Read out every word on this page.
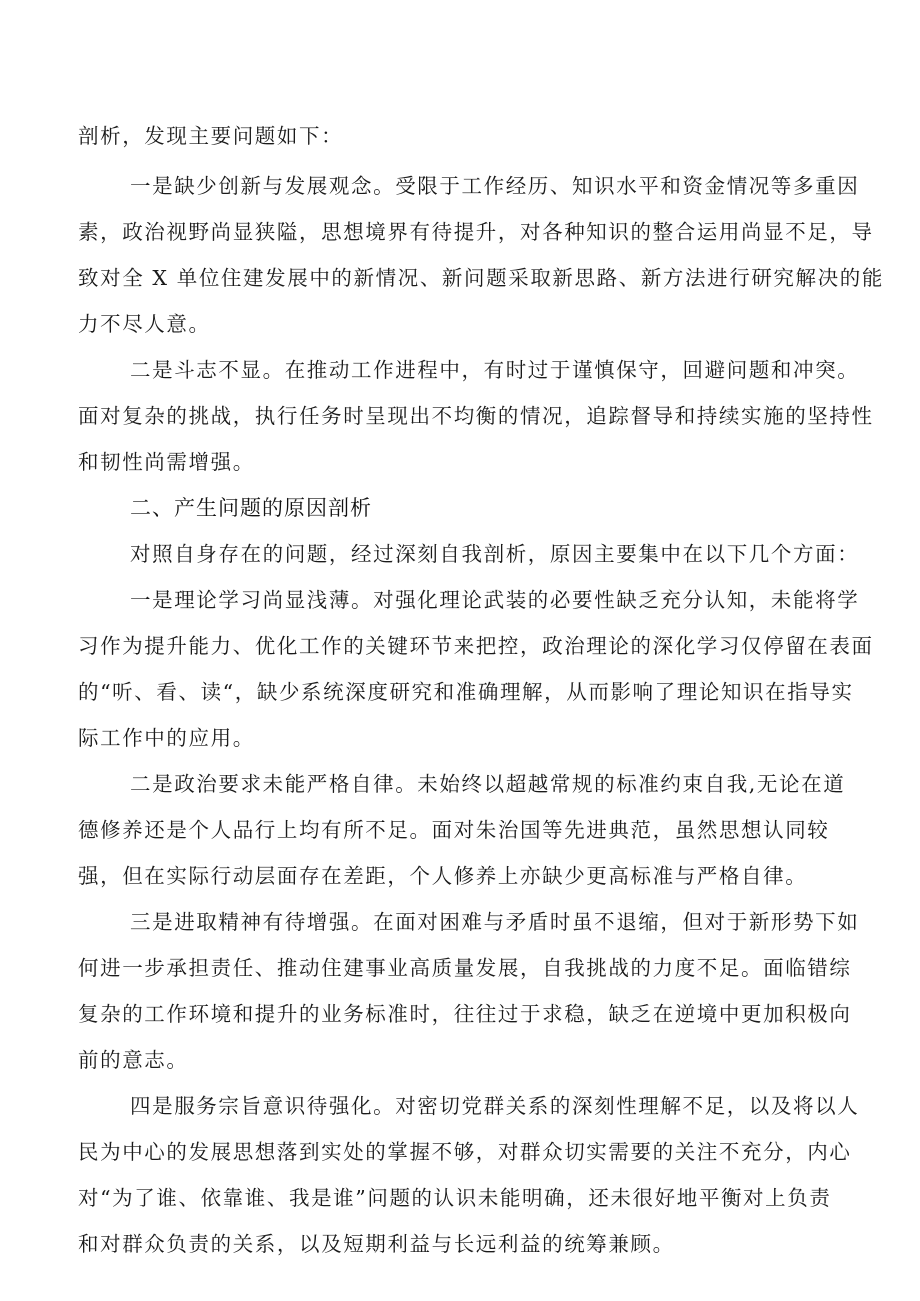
剖析，发现主要问题如下：
一是缺少创新与发展观念。受限于工作经历、知识水平和资金情况等多重因
素，政治视野尚显狭隘，思想境界有待提升，对各种知识的整合运用尚显不足，导
致对全 X 单位住建发展中的新情况、新问题采取新思路、新方法进行研究解决的能
力不尽人意。
二是斗志不显。在推动工作进程中，有时过于谨慎保守，回避问题和冲突。
面对复杂的挑战，执行任务时呈现出不均衡的情况，追踪督导和持续实施的坚持性
和韧性尚需增强。
二、产生问题的原因剖析
对照自身存在的问题，经过深刻自我剖析，原因主要集中在以下几个方面：
一是理论学习尚显浅薄。对强化理论武装的必要性缺乏充分认知，未能将学
习作为提升能力、优化工作的关键环节来把控，政治理论的深化学习仅停留在表面
的“听、看、读“，缺少系统深度研究和准确理解，从而影响了理论知识在指导实
际工作中的应用。
二是政治要求未能严格自律。未始终以超越常规的标准约束自我,无论在道
德修养还是个人品行上均有所不足。面对朱治国等先进典范，虽然思想认同较
强，但在实际行动层面存在差距，个人修养上亦缺少更高标准与严格自律。
三是进取精神有待增强。在面对困难与矛盾时虽不退缩，但对于新形势下如
何进一步承担责任、推动住建事业高质量发展，自我挑战的力度不足。面临错综
复杂的工作环境和提升的业务标准时，往往过于求稳，缺乏在逆境中更加积极向
前的意志。
四是服务宗旨意识待强化。对密切党群关系的深刻性理解不足，以及将以人
民为中心的发展思想落到实处的掌握不够，对群众切实需要的关注不充分，内心
对“为了谁、依靠谁、我是谁”问题的认识未能明确，还未很好地平衡对上负责
和对群众负责的关系，以及短期利益与长远利益的统筹兼顾。
